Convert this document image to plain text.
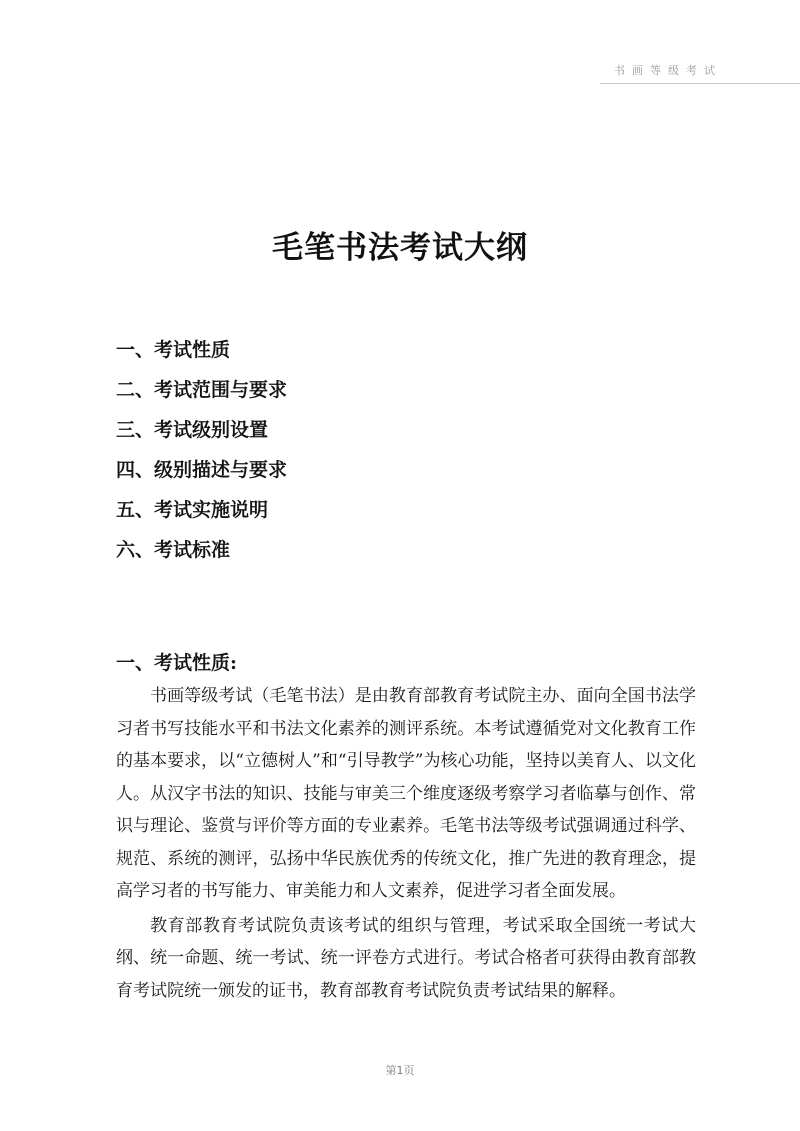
书画等级考试
毛笔书法考试大纲
一、考试性质
二、考试范围与要求
三、考试级别设置
四、级别描述与要求
五、考试实施说明
六、考试标准
一、考试性质:

书画等级考试（毛笔书法）是由教育部教育考试院主办、面向全国书法学习者书写技能水平和书法文化素养的测评系统。本考试遵循党对文化教育工作的基本要求，以“立德树人”和“引导教学”为核心功能，坚持以美育人、以文化人。从汉字书法的知识、技能与审美三个维度逐级考察学习者临摹与创作、常识与理论、鉴赏与评价等方面的专业素养。毛笔书法等级考试强调通过科学、规范、系统的测评，弘扬中华民族优秀的传统文化，推广先进的教育理念，提高学习者的书写能力、审美能力和人文素养，促进学习者全面发展。

教育部教育考试院负责该考试的组织与管理，考试采取全国统一考试大纲、统一命题、统一考试、统一评卷方式进行。考试合格者可获得由教育部教育考试院统一颁发的证书，教育部教育考试院负责考试结果的解释。

第1页
